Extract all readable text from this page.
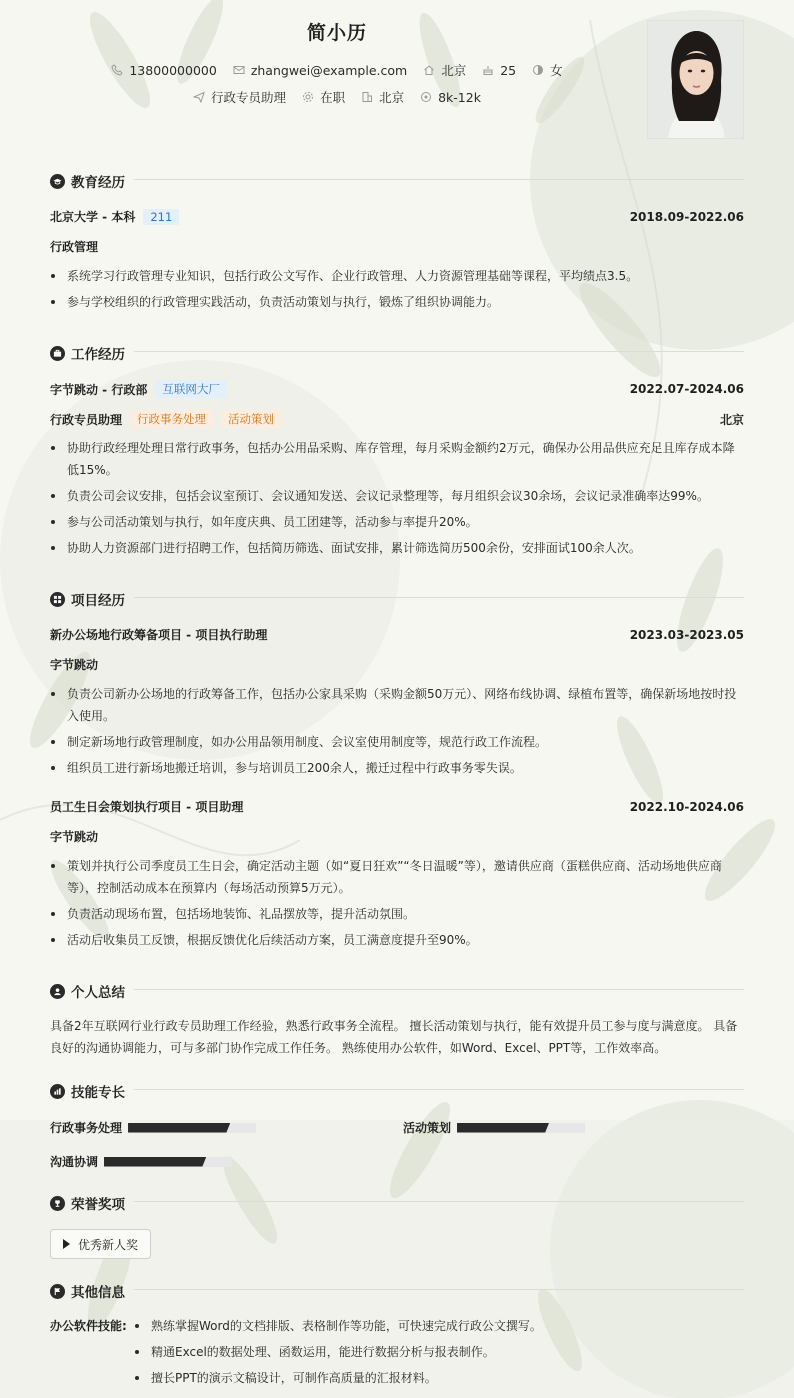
简小历
13800000000	zhangwei@example.com	北京	25	女
行政专员助理	在职	北京	8k-12k
教育经历
北京大学 - 本科	211	2018.09-2022.06
行政管理
系统学习行政管理专业知识，包括行政公文写作、企业行政管理、人力资源管理基础等课程，平均绩点3.5。
参与学校组织的行政管理实践活动，负责活动策划与执行，锻炼了组织协调能力。
工作经历
字节跳动 - 行政部	互联网大厂	2022.07-2024.06
行政专员助理	行政事务处理	活动策划	北京
协助行政经理处理日常行政事务，包括办公用品采购、库存管理，每月采购金额约2万元，确保办公用品供应充足且库存成本降低15%。
负责公司会议安排，包括会议室预订、会议通知发送、会议记录整理等，每月组织会议30余场，会议记录准确率达99%。
参与公司活动策划与执行，如年度庆典、员工团建等，活动参与率提升20%。
协助人力资源部门进行招聘工作，包括简历筛选、面试安排，累计筛选简历500余份，安排面试100余人次。
项目经历
新办公场地行政筹备项目 - 项目执行助理	2023.03-2023.05
字节跳动
负责公司新办公场地的行政筹备工作，包括办公家具采购（采购金额50万元）、网络布线协调、绿植布置等，确保新场地按时投入使用。
制定新场地行政管理制度，如办公用品领用制度、会议室使用制度等，规范行政工作流程。
组织员工进行新场地搬迁培训，参与培训员工200余人，搬迁过程中行政事务零失误。
员工生日会策划执行项目 - 项目助理	2022.10-2024.06
字节跳动
策划并执行公司季度员工生日会，确定活动主题（如“夏日狂欢”“冬日温暖”等），邀请供应商（蛋糕供应商、活动场地供应商等），控制活动成本在预算内（每场活动预算5万元）。
负责活动现场布置，包括场地装饰、礼品摆放等，提升活动氛围。
活动后收集员工反馈，根据反馈优化后续活动方案，员工满意度提升至90%。
个人总结
具备2年互联网行业行政专员助理工作经验，熟悉行政事务全流程。 擅长活动策划与执行，能有效提升员工参与度与满意度。 具备良好的沟通协调能力，可与多部门协作完成工作任务。 熟练使用办公软件，如Word、Excel、PPT等，工作效率高。
技能专长
行政事务处理	活动策划
沟通协调
荣誉奖项
优秀新人奖
其他信息
办公软件技能:	熟练掌握Word的文档排版、表格制作等功能，可快速完成行政公文撰写。
精通Excel的数据处理、函数运用，能进行数据分析与报表制作。
擅长PPT的演示文稿设计，可制作高质量的汇报材料。
